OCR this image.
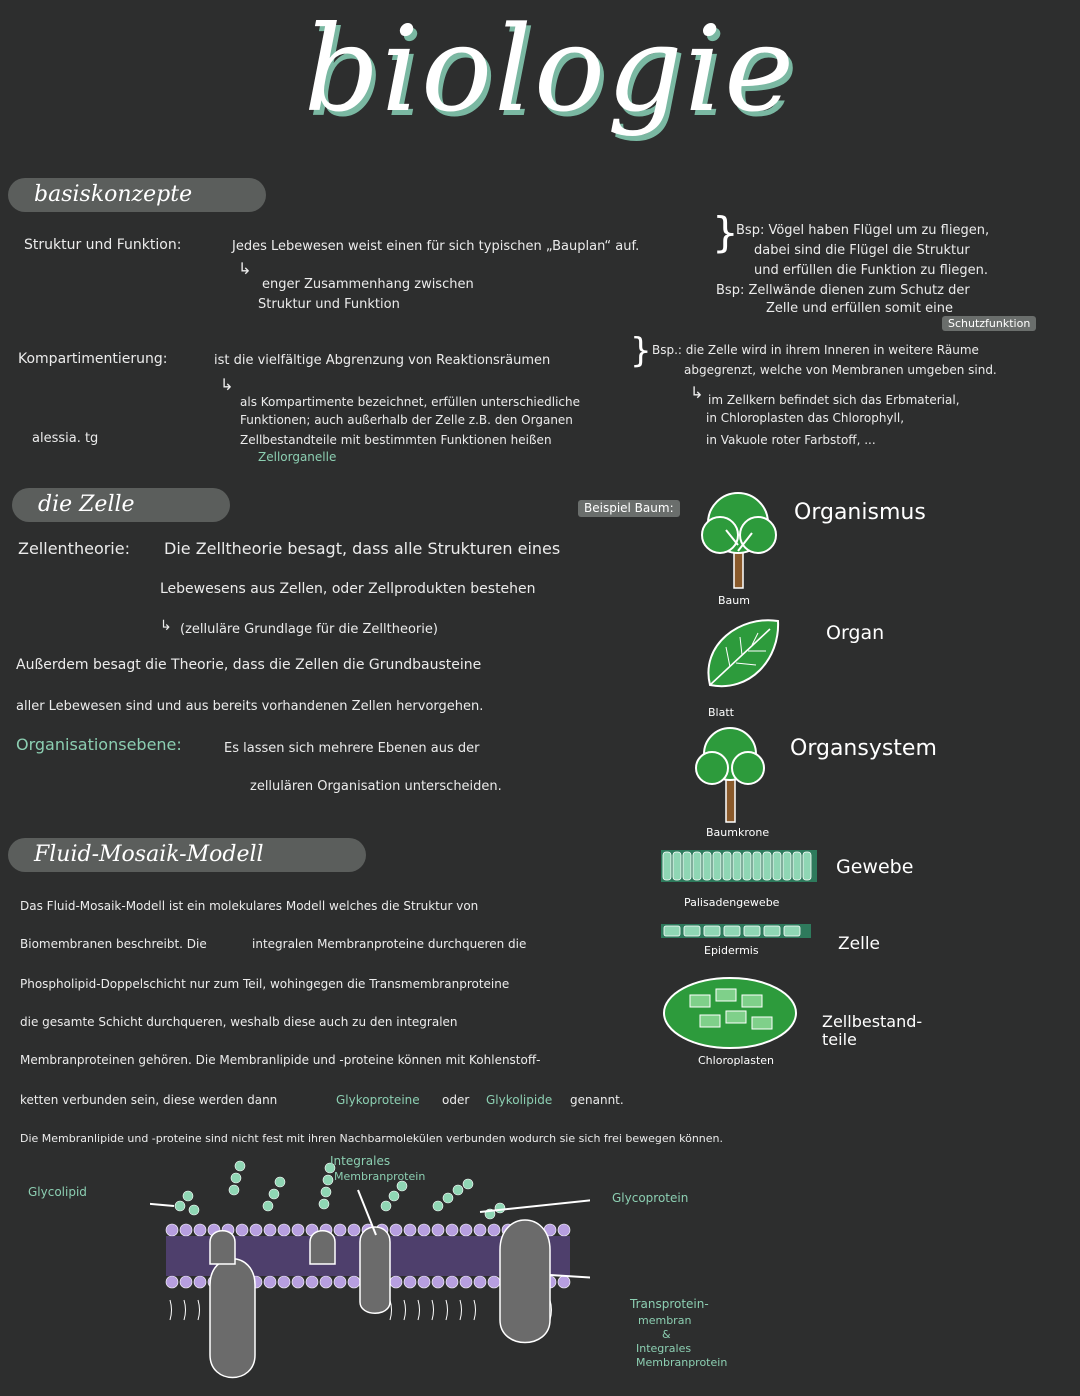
biologie
basiskonzepte
Struktur und Funktion:	Jedes Lebewesen weist einen für sich typischen „Bauplan“ auf.
↳
enger Zusammenhang zwischen
Struktur und Funktion
}
Bsp: Vögel haben Flügel um zu fliegen,
dabei sind die Flügel die Struktur
und erfüllen die Funktion zu fliegen.
Bsp: Zellwände dienen zum Schutz der
Zelle und erfüllen somit eine
Schutzfunktion
Kompartimentierung:	ist die vielfältige Abgrenzung von Reaktionsräumen
↳
als Kompartimente bezeichnet, erfüllen unterschiedliche
Funktionen; auch außerhalb der Zelle z.B. den Organen
Zellbestandteile mit bestimmten Funktionen heißen
Zellorganelle
} Bsp.: die Zelle wird in ihrem Inneren in weitere Räume
abgegrenzt, welche von Membranen umgeben sind.
↳ im Zellkern befindet sich das Erbmaterial,
in Chloroplasten das Chlorophyll,
in Vakuole roter Farbstoff, ...
alessia. tg
die Zelle	Beispiel Baum:
Zellentheorie: Die Zelltheorie besagt, dass alle Strukturen eines
Lebewesens aus Zellen, oder Zellprodukten bestehen
↳ (zelluläre Grundlage für die Zelltheorie)
Außerdem besagt die Theorie, dass die Zellen die Grundbausteine
aller Lebewesen sind und aus bereits vorhandenen Zellen hervorgehen.
Organisationsebene:	Es lassen sich mehrere Ebenen aus der
zellulären Organisation unterscheiden.
Baum
Blatt
Baumkrone
Palisadengewebe
Epidermis
Chloroplasten
Organismus
Organ
Organsystem
Gewebe
Zelle
Zellbestand-
teile
Fluid-Mosaik-Modell
Das Fluid-Mosaik-Modell ist ein molekulares Modell welches die Struktur von
Biomembranen beschreibt. Die	integralen Membranproteine durchqueren die
Phospholipid-Doppelschicht nur zum Teil, wohingegen die Transmembranproteine
die gesamte Schicht durchqueren, weshalb diese auch zu den integralen
Membranproteinen gehören. Die Membranlipide und -proteine können mit Kohlenstoff-
ketten verbunden sein, diese werden dann	Glykoproteine oder Glykolipide genannt.
Die Membranlipide und -proteine sind nicht fest mit ihren Nachbarmolekülen verbunden wodurch sie sich frei bewegen können.
Glycolipid
Integrales
Membranprotein
Glycoprotein
Transprotein-
membran
&
Integrales
Membranprotein
